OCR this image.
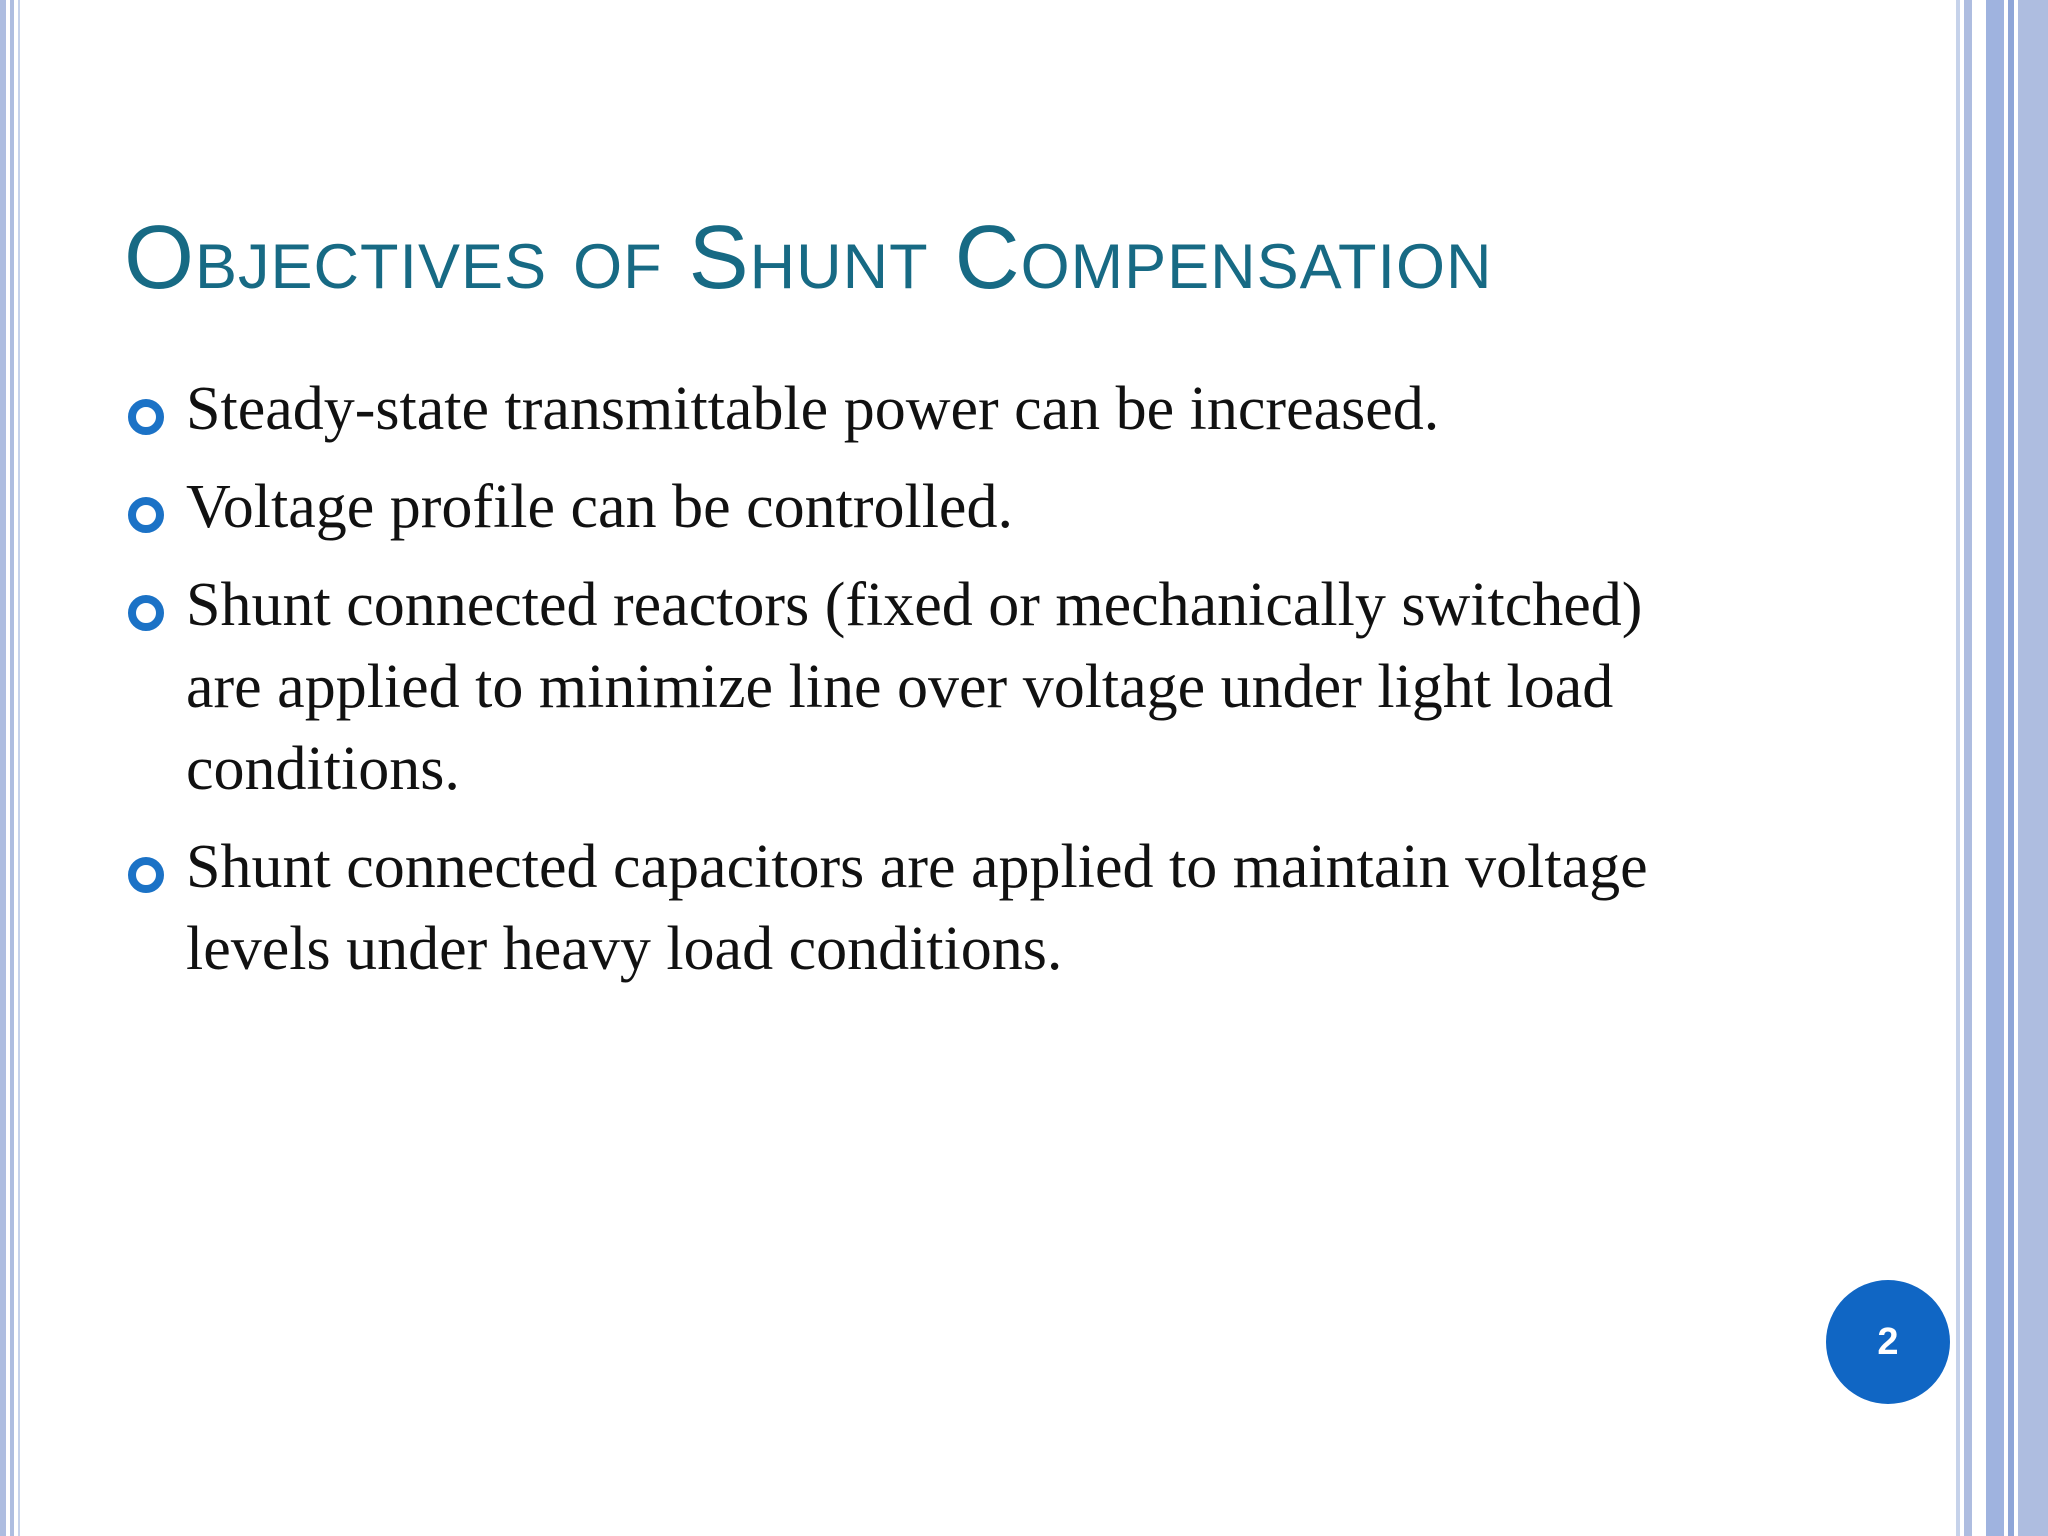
Objectives of Shunt Compensation
Steady-state transmittable power can be increased.
Voltage profile can be controlled.
Shunt connected reactors (fixed or mechanically switched) are applied to minimize line over voltage under light load conditions.
Shunt connected capacitors are applied to maintain voltage levels under heavy load conditions.
2
